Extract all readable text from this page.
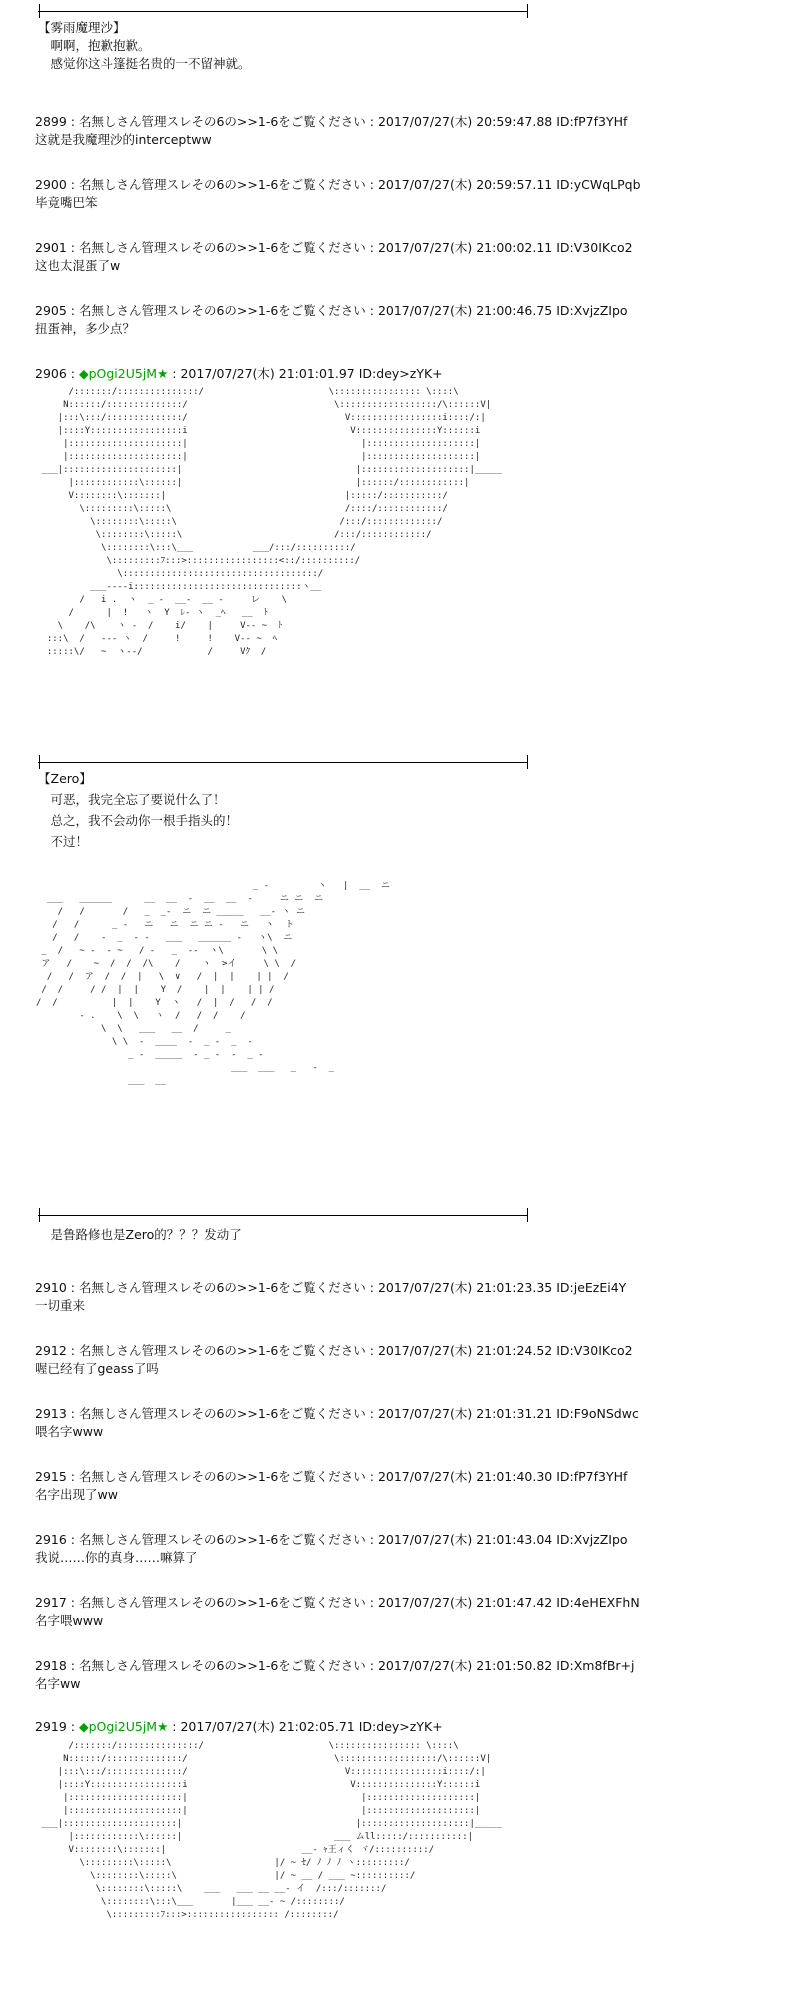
【雾雨魔理沙】
　啊啊，抱歉抱歉。
　感觉你这斗篷挺名贵的一不留神就。
2899 : 名無しさん管理スレその6の>>1-6をご覧ください : 2017/07/27(木) 20:59:47.88 ID:fP7f3YHf
这就是我魔理沙的interceptww
2900 : 名無しさん管理スレその6の>>1-6をご覧ください : 2017/07/27(木) 20:59:57.11 ID:yCWqLPqb
毕竟嘴巴笨
2901 : 名無しさん管理スレその6の>>1-6をご覧ください : 2017/07/27(木) 21:00:02.11 ID:V30IKco2
这也太混蛋了w
2905 : 名無しさん管理スレその6の>>1-6をご覧ください : 2017/07/27(木) 21:00:46.75 ID:XvjzZIpo
扭蛋神，多少点？
2906 : ◆pOgi2U5jM★ : 2017/07/27(木) 21:01:01.97 ID:dey>zYK+
/:::::::/:::::::::::::::/                       \:::::::::::::::: \::::\
N::::::/::::::::::::::/                           \::::::::::::::::::/\::::::V|
|:::\:::/::::::::::::::/                             V:::::::::::::::::i::::/:|
|::::Y:::::::::::::::::i                              V:::::::::::::::Y::::::i
|:::::::::::::::::::::|                                |::::::::::::::::::::|
|:::::::::::::::::::::|                                |::::::::::::::::::::|
___|:::::::::::::::::::::|                                |::::::::::::::::::::|_____
|::::::::::::\::::::|                                |::::::/::::::::::::|
V::::::::\:::::::|                                 |:::::/:::::::::::/
\:::::::::\:::::\                                /::::/::::::::::::/
\::::::::\:::::\                              /:::/:::::::::::::/
\::::::::\:::::\                            /:::/::::::::::::/
\::::::::\:::\___           ___/:::/::::::::::/
\:::::::::ﾌ:::>:::::::::::::::::<::/::::::::::/
\::::::::::::::::::::::::::::::::::::/
___----i:::::::::::::::::::::::::::::::ヽ__
/   i .  ヽ  _ -  __-  __ -     レ    \
/      |  !   ヽ  Y  ﾚ- ヽ  _ﾍ   __  ﾄ
\    /\    ヽ -  /    i/    |     V-- ~  ﾄ
:::\  /   --- ヽ  /     !     !    V-- ~  ﾍ
:::::\/   ~  ヽ--/            /     Vｸ  /
【Zero】
　可恶，我完全忘了要说什么了！
　总之，我不会动你一根手指头的！
　不过！
_ -         ヽ   |  __  ニ
___   ______      __  __  -  __  __  -     ニ ニ  ニ
/   /       /   _  _-  ニ  ニ _____   __- ヽ ニ
/   /      _ -   ニ   ニ  ニ ニ -   ニ   ヽ  ト
/   /    -  _  - -   ___   ______ -   ヽ\  ニ
_  /   ~ -  - ~   / -   _  --  ヽ\       \ \
ア   /    ~  /  /  /\    /    ヽ  >イ     \ \  /
/   /  ア  /  /  |   \  ∨   /  |  |    | |  /
/  /     / /  |  |    Y  /    |  |    | | /
/  /          |  |    Y  ヽ   /  |  /   /  /
- .    \  \   ヽ  /   /  /    /
\  \   ___   __  /     _
\ \  -  ____  -  _ -  _  -
_ -  _____  - _ -  -  _ -
___  ___   _   -  _
___  __
　是鲁路修也是Zero的？？？发动了
2910 : 名無しさん管理スレその6の>>1-6をご覧ください : 2017/07/27(木) 21:01:23.35 ID:jeEzEi4Y
一切重来
2912 : 名無しさん管理スレその6の>>1-6をご覧ください : 2017/07/27(木) 21:01:24.52 ID:V30IKco2
喔已经有了geass了吗
2913 : 名無しさん管理スレその6の>>1-6をご覧ください : 2017/07/27(木) 21:01:31.21 ID:F9oNSdwc
喂名字www
2915 : 名無しさん管理スレその6の>>1-6をご覧ください : 2017/07/27(木) 21:01:40.30 ID:fP7f3YHf
名字出现了ww
2916 : 名無しさん管理スレその6の>>1-6をご覧ください : 2017/07/27(木) 21:01:43.04 ID:XvjzZIpo
我说……你的真身……嘛算了
2917 : 名無しさん管理スレその6の>>1-6をご覧ください : 2017/07/27(木) 21:01:47.42 ID:4eHEXFhN
名字喂www
2918 : 名無しさん管理スレその6の>>1-6をご覧ください : 2017/07/27(木) 21:01:50.82 ID:Xm8fBr+j
名字ww
2919 : ◆pOgi2U5jM★ : 2017/07/27(木) 21:02:05.71 ID:dey>zYK+
/:::::::/:::::::::::::::/                       \:::::::::::::::: \::::\
N::::::/::::::::::::::/                           \::::::::::::::::::/\::::::V|
|:::\:::/::::::::::::::/                             V:::::::::::::::::i::::/:|
|::::Y:::::::::::::::::i                              V:::::::::::::::Y::::::i
|:::::::::::::::::::::|                                |::::::::::::::::::::|
|:::::::::::::::::::::|                                |::::::::::::::::::::|
___|:::::::::::::::::::::|                                |::::::::::::::::::::|_____
|::::::::::::\::::::|                            ___ ムll:::::/:::::::::::|
V::::::::\:::::::|                         __- ｬ王ィく ヾ/::::::::::/
\:::::::::\:::::\                   |/ ~ ｾ/ ﾉ ﾉ ﾉ ヽ:::::::::/
\::::::::\:::::\                  |/ ~ __ / ___ ~::::::::::/
\::::::::\:::::\    ___   ___ __ __- イ  /:::/:::::::/
\::::::::\:::\___       |___ __- ~ /::::::::/
\:::::::::ﾌ:::>::::::::::::::::: /::::::::/
